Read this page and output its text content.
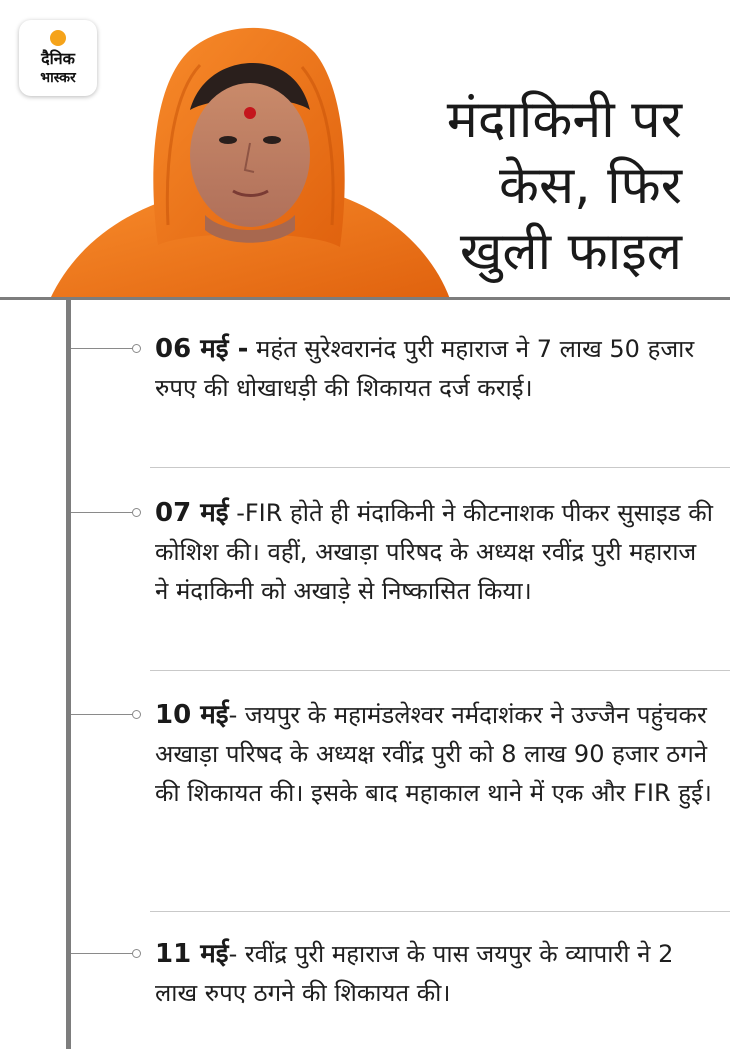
दैनिक
भास्कर
मंदाकिनी पर
केस, फिर
खुली फाइल
06 मई - महंत सुरेश्वरानंद पुरी महाराज ने 7 लाख 50 हजार रुपए की धोखाधड़ी की शिकायत दर्ज कराई।
07 मई -FIR होते ही मंदाकिनी ने कीटनाशक पीकर सुसाइड की कोशिश की। वहीं, अखाड़ा परिषद के अध्यक्ष रवींद्र पुरी महाराज ने मंदाकिनी को अखाड़े से निष्कासित किया।
10 मई- जयपुर के महामंडलेश्वर नर्मदाशंकर ने उज्जैन पहुंचकर अखाड़ा परिषद के अध्यक्ष रवींद्र पुरी को 8 लाख 90 हजार ठगने की शिकायत की। इसके बाद महाकाल थाने में एक और FIR हुई।
11 मई- रवींद्र पुरी महाराज के पास जयपुर के व्यापारी ने 2 लाख रुपए ठगने की शिकायत की।
